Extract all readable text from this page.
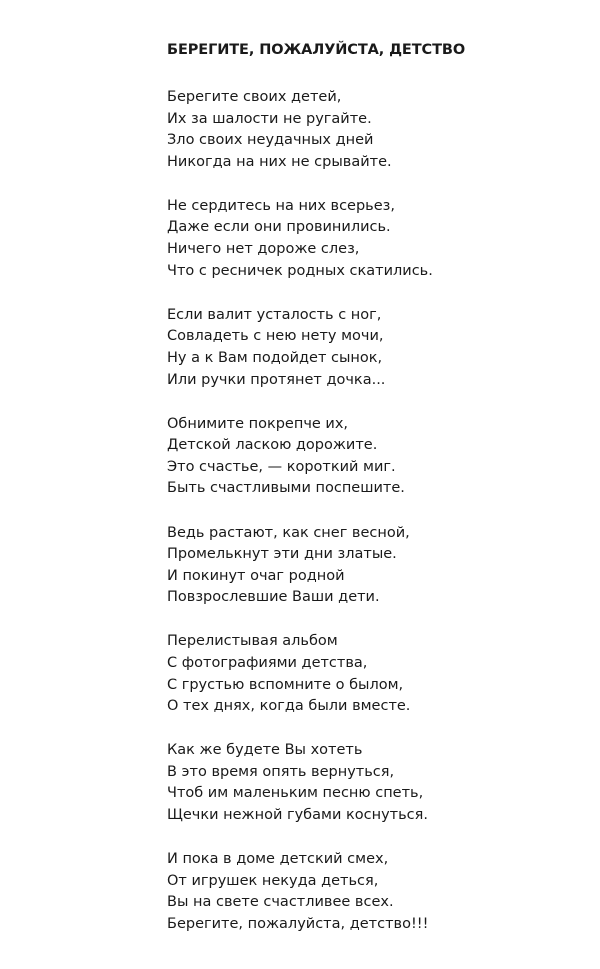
БЕРЕГИТЕ, ПОЖАЛУЙСТА, ДЕТСТВО
Берегите своих детей,
Их за шалости не ругайте.
Зло своих неудачных дней
Никогда на них не срывайте.
Не сердитесь на них всерьез,
Даже если они провинились.
Ничего нет дороже слез,
Что с ресничек родных скатились.
Если валит усталость с ног,
Совладеть с нею нету мочи,
Ну а к Вам подойдет сынок,
Или ручки протянет дочка...
Обнимите покрепче их,
Детской ласкою дорожите.
Это счастье, — короткий миг.
Быть счастливыми поспешите.
Ведь растают, как снег весной,
Промелькнут эти дни златые.
И покинут очаг родной
Повзрослевшие Ваши дети.
Перелистывая альбом
С фотографиями детства,
С грустью вспомните о былом,
О тех днях, когда были вместе.
Как же будете Вы хотеть
В это время опять вернуться,
Чтоб им маленьким песню спеть,
Щечки нежной губами коснуться.
И пока в доме детский смех,
От игрушек некуда деться,
Вы на свете счастливее всех.
Берегите, пожалуйста, детство!!!
